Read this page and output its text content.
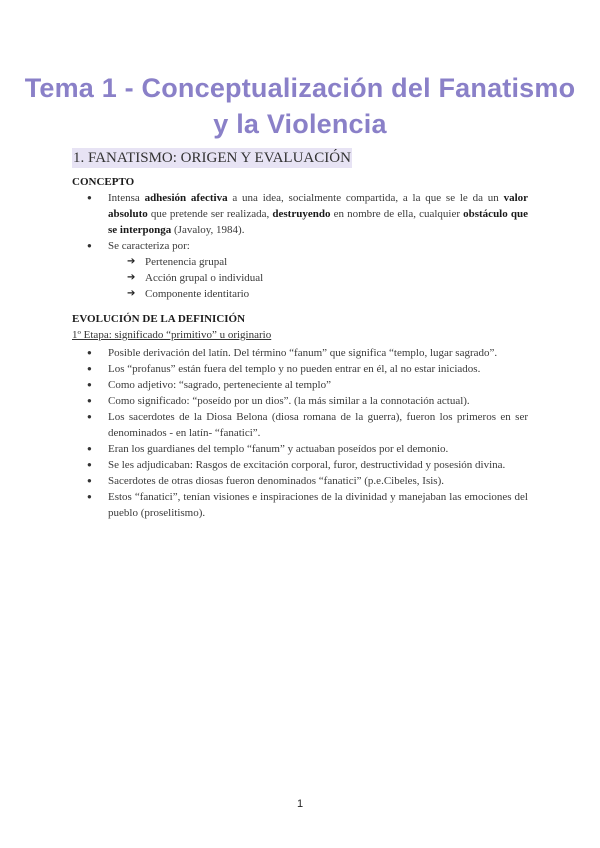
Tema 1 - Conceptualización del Fanatismo
y la Violencia
1. FANATISMO: ORIGEN Y EVALUACIÓN
CONCEPTO
● Intensa adhesión afectiva a una idea, socialmente compartida, a la que se le da un valor absoluto que pretende ser realizada, destruyendo en nombre de ella, cualquier obstáculo que se interponga (Javaloy, 1984).
● Se caracteriza por:
➔ Pertenencia grupal
➔ Acción grupal o individual
➔ Componente identitario
EVOLUCIÓN DE LA DEFINICIÓN

1º Etapa: significado “primitivo” u originario

● Posible derivación del latín. Del término “fanum” que significa “templo, lugar sagrado”.
● Los “profanus” están fuera del templo y no pueden entrar en él, al no estar iniciados.
● Como adjetivo: “sagrado, perteneciente al templo”
● Como significado: “poseído por un dios”. (la más similar a la connotación actual).
● Los sacerdotes de la Diosa Belona (diosa romana de la guerra), fueron los primeros en ser denominados - en latín- “fanatici”.
● Eran los guardianes del templo “fanum” y actuaban poseídos por el demonio.
● Se les adjudicaban: Rasgos de excitación corporal, furor, destructividad y posesión divina.
● Sacerdotes de otras diosas fueron denominados “fanatici” (p.e.Cibeles, Isis).
● Estos “fanatici”, tenían visiones e inspiraciones de la divinidad y manejaban las emociones del pueblo (proselitismo).
1
